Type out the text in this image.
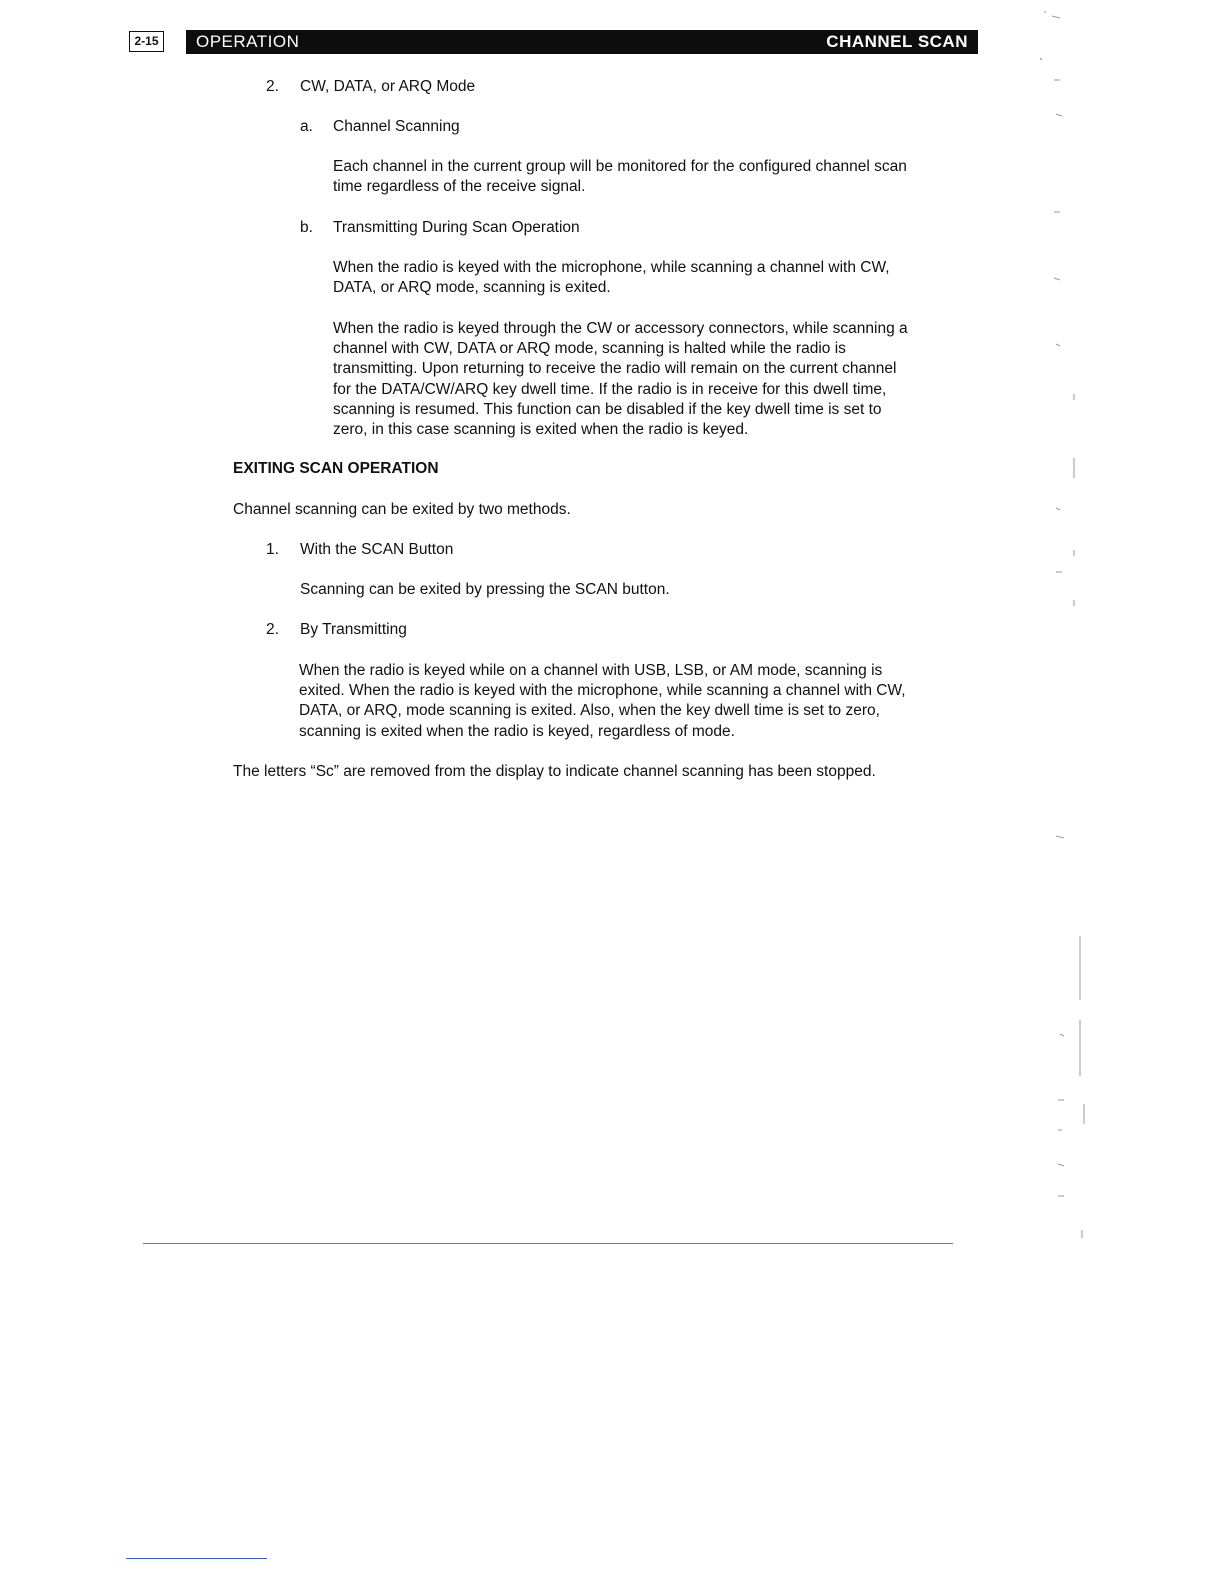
2-15	OPERATION	CHANNEL SCAN
2. CW, DATA, or ARQ Mode
a. Channel Scanning
Each channel in the current group will be monitored for the configured channel scan
time regardless of the receive signal.
b. Transmitting During Scan Operation
When the radio is keyed with the microphone, while scanning a channel with CW,
DATA, or ARQ mode, scanning is exited.
When the radio is keyed through the CW or accessory connectors, while scanning a
channel with CW, DATA or ARQ mode, scanning is halted while the radio is
transmitting. Upon returning to receive the radio will remain on the current channel
for the DATA/CW/ARQ key dwell time. If the radio is in receive for this dwell time,
scanning is resumed. This function can be disabled if the key dwell time is set to
zero, in this case scanning is exited when the radio is keyed.
EXITING SCAN OPERATION
Channel scanning can be exited by two methods.
1. With the SCAN Button
Scanning can be exited by pressing the SCAN button.
2. By Transmitting
When the radio is keyed while on a channel with USB, LSB, or AM mode, scanning is
exited. When the radio is keyed with the microphone, while scanning a channel with CW,
DATA, or ARQ, mode scanning is exited. Also, when the key dwell time is set to zero,
scanning is exited when the radio is keyed, regardless of mode.
The letters “Sc” are removed from the display to indicate channel scanning has been stopped.
